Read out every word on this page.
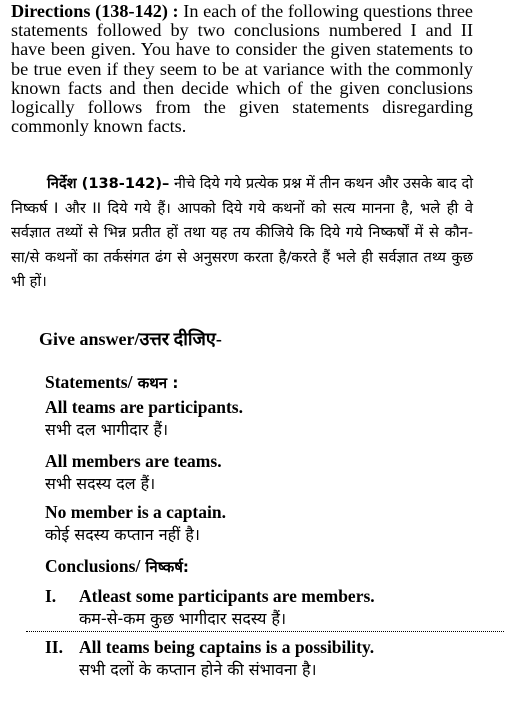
Directions (138-142) : In each of the following questions three statements followed by two conclusions numbered I and II have been given. You have to consider the given statements to be true even if they seem to be at variance with the commonly known facts and then decide which of the given conclusions logically follows from the given statements disregarding commonly known facts.
निर्देश (138-142)– नीचे दिये गये प्रत्येक प्रश्न में तीन कथन और उसके बाद दो निष्कर्ष I और II दिये गये हैं। आपको दिये गये कथनों को सत्य मानना है, भले ही वे सर्वज्ञात तथ्यों से भिन्न प्रतीत हों तथा यह तय कीजिये कि दिये गये निष्कर्षों में से कौन-सा/से कथनों का तर्कसंगत ढंग से अनुसरण करता है/करते हैं भले ही सर्वज्ञात तथ्य कुछ भी हों।
Give answer/उत्तर दीजिए-
Statements/ कथन :
All teams are participants.
सभी दल भागीदार हैं।
All members are teams.
सभी सदस्य दल हैं।
No member is a captain.
कोई सदस्य कप्तान नहीं है।
Conclusions/ निष्कर्ष:
I. Atleast some participants are members.
कम-से-कम कुछ भागीदार सदस्य हैं।
II. All teams being captains is a possibility.
सभी दलों के कप्तान होने की संभावना है।
